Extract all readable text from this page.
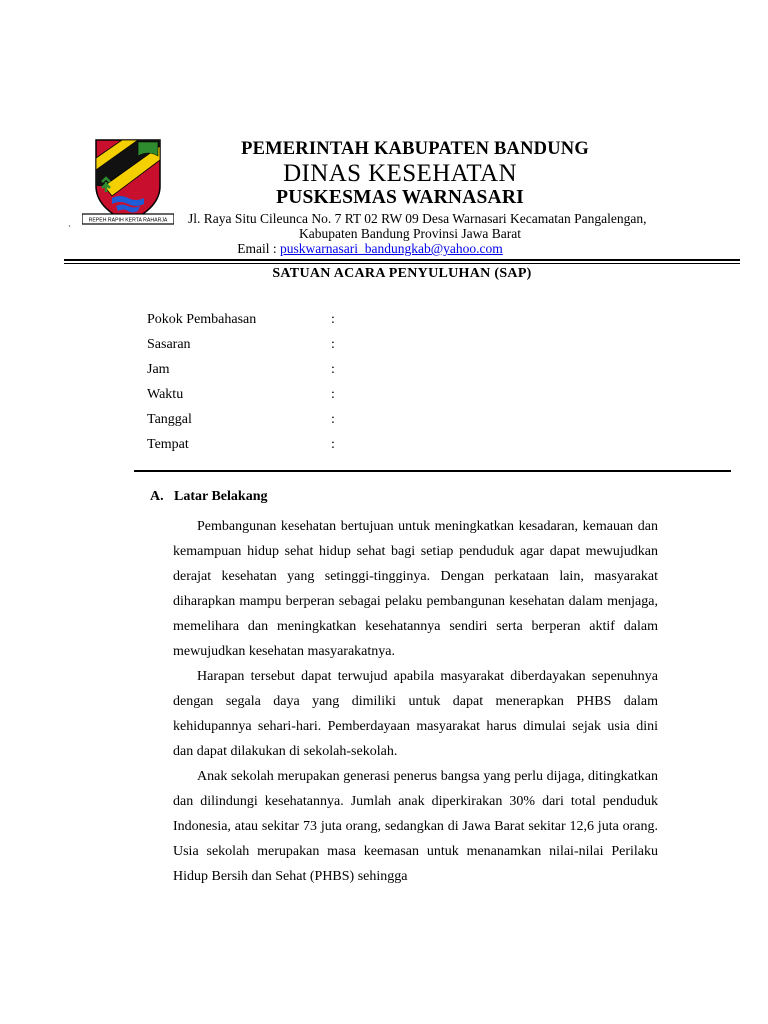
REPEH RAPIH KERTA RAHARJA
`
PEMERINTAH KABUPATEN BANDUNG
DINAS KESEHATAN
PUSKESMAS WARNASARI
Jl. Raya Situ Cileunca No. 7 RT 02 RW 09 Desa Warnasari Kecamatan Pangalengan,
Kabupaten Bandung Provinsi Jawa Barat
Email : puskwarnasari_bandungkab@yahoo.com
SATUAN ACARA PENYULUHAN (SAP)
Pokok Pembahasan	:
Sasaran	:
Jam	:
Waktu	:
Tanggal	:
Tempat	:
A. Latar Belakang

Pembangunan kesehatan bertujuan untuk meningkatkan kesadaran, kemauan dan kemampuan hidup sehat hidup sehat bagi setiap penduduk agar dapat mewujudkan derajat kesehatan yang setinggi-tingginya. Dengan perkataan lain, masyarakat diharapkan mampu berperan sebagai pelaku pembangunan kesehatan dalam menjaga, memelihara dan meningkatkan kesehatannya sendiri serta berperan aktif dalam mewujudkan kesehatan masyarakatnya.

Harapan tersebut dapat terwujud apabila masyarakat diberdayakan sepenuhnya dengan segala daya yang dimiliki untuk dapat menerapkan PHBS dalam kehidupannya sehari-hari. Pemberdayaan masyarakat harus dimulai sejak usia dini dan dapat dilakukan di sekolah-sekolah.

Anak sekolah merupakan generasi penerus bangsa yang perlu dijaga, ditingkatkan dan dilindungi kesehatannya. Jumlah anak diperkirakan 30% dari total penduduk Indonesia, atau sekitar 73 juta orang, sedangkan di Jawa Barat sekitar 12,6 juta orang. Usia sekolah merupakan masa keemasan untuk menanamkan nilai-nilai Perilaku Hidup Bersih dan Sehat (PHBS) sehingga
